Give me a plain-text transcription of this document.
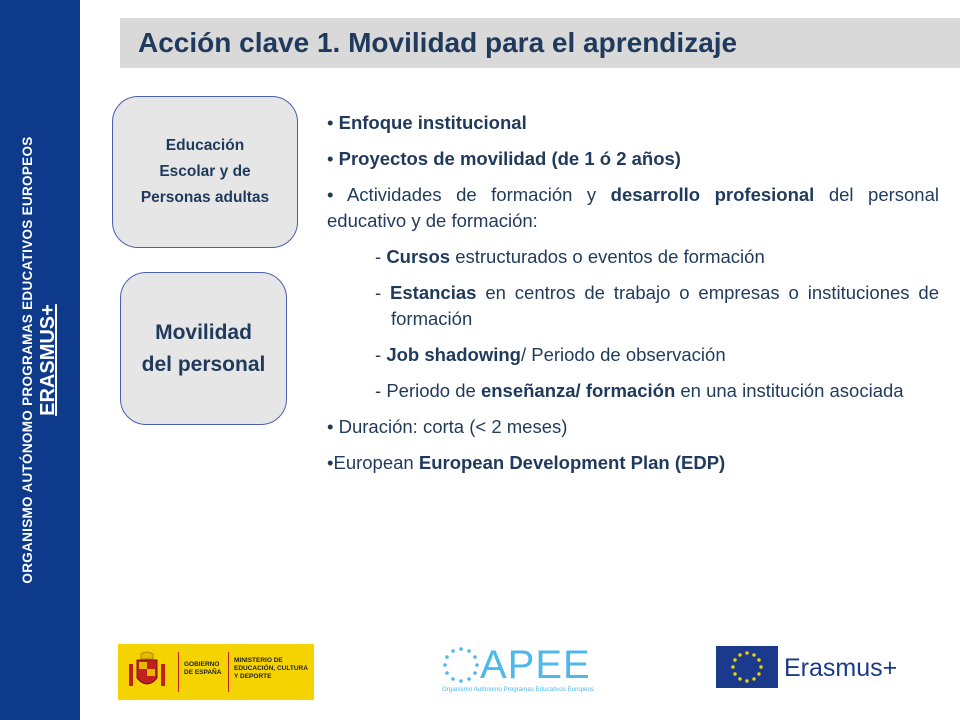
ORGANISMO AUTÓNOMO PROGRAMAS EDUCATIVOS EUROPEOS ERASMUS+
Acción clave 1. Movilidad para el aprendizaje
Educación
Escolar y de
Personas adultas
Movilidad
del personal
• Enfoque institucional
• Proyectos de movilidad (de 1 ó 2 años)
• Actividades de formación y desarrollo profesional del personal educativo y de formación:
- Cursos estructurados o eventos de formación
- Estancias en centros de trabajo o empresas o instituciones de formación
- Job shadowing/ Periodo de observación
- Periodo de enseñanza/ formación en una institución asociada
• Duración: corta (< 2 meses)
•European European Development Plan (EDP)
GOBIERNO DE ESPAÑA
MINISTERIO DE EDUCACIÓN, CULTURA Y DEPORTE	APEE
Organismo Autónomo Programas Educativos Europeos
Erasmus+
